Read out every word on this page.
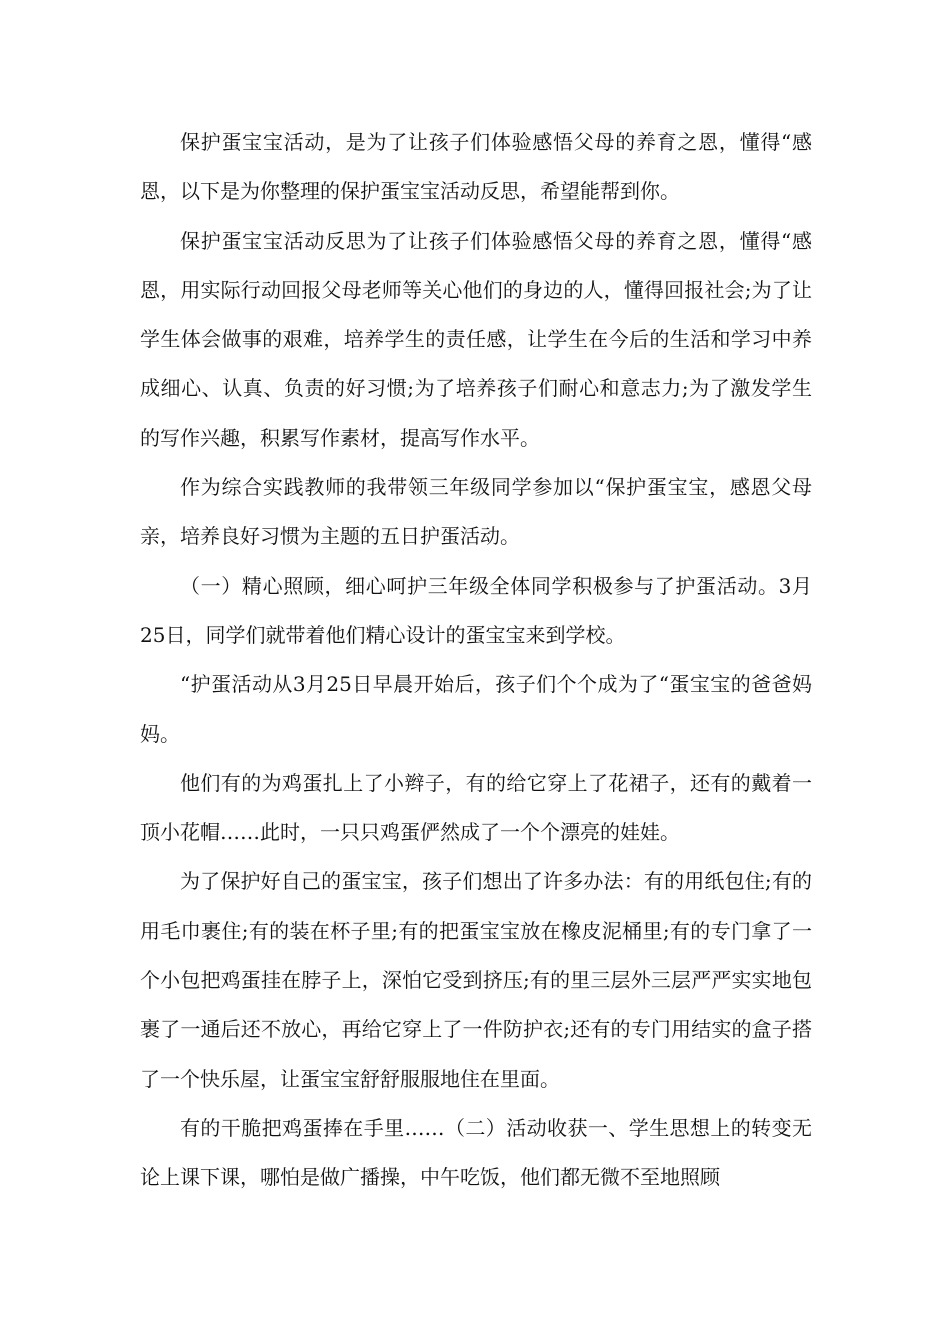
保护蛋宝宝活动，是为了让孩子们体验感悟父母的养育之恩，懂得“感恩，以下是为你整理的保护蛋宝宝活动反思，希望能帮到你。

保护蛋宝宝活动反思为了让孩子们体验感悟父母的养育之恩，懂得“感恩，用实际行动回报父母老师等关心他们的身边的人，懂得回报社会;为了让学生体会做事的艰难，培养学生的责任感，让学生在今后的生活和学习中养成细心、认真、负责的好习惯;为了培养孩子们耐心和意志力;为了激发学生的写作兴趣，积累写作素材，提高写作水平。

作为综合实践教师的我带领三年级同学参加以“保护蛋宝宝，感恩父母亲，培养良好习惯为主题的五日护蛋活动。

（一）精心照顾，细心呵护三年级全体同学积极参与了护蛋活动。3月25日，同学们就带着他们精心设计的蛋宝宝来到学校。

“护蛋活动从3月25日早晨开始后，孩子们个个成为了“蛋宝宝的爸爸妈妈。

他们有的为鸡蛋扎上了小辫子，有的给它穿上了花裙子，还有的戴着一顶小花帽……此时，一只只鸡蛋俨然成了一个个漂亮的娃娃。

为了保护好自己的蛋宝宝，孩子们想出了许多办法：有的用纸包住;有的用毛巾裹住;有的装在杯子里;有的把蛋宝宝放在橡皮泥桶里;有的专门拿了一个小包把鸡蛋挂在脖子上，深怕它受到挤压;有的里三层外三层严严实实地包裹了一通后还不放心，再给它穿上了一件防护衣;还有的专门用结实的盒子搭了一个快乐屋，让蛋宝宝舒舒服服地住在里面。

有的干脆把鸡蛋捧在手里……（二）活动收获一、学生思想上的转变无论上课下课，哪怕是做广播操，中午吃饭，他们都无微不至地照顾
